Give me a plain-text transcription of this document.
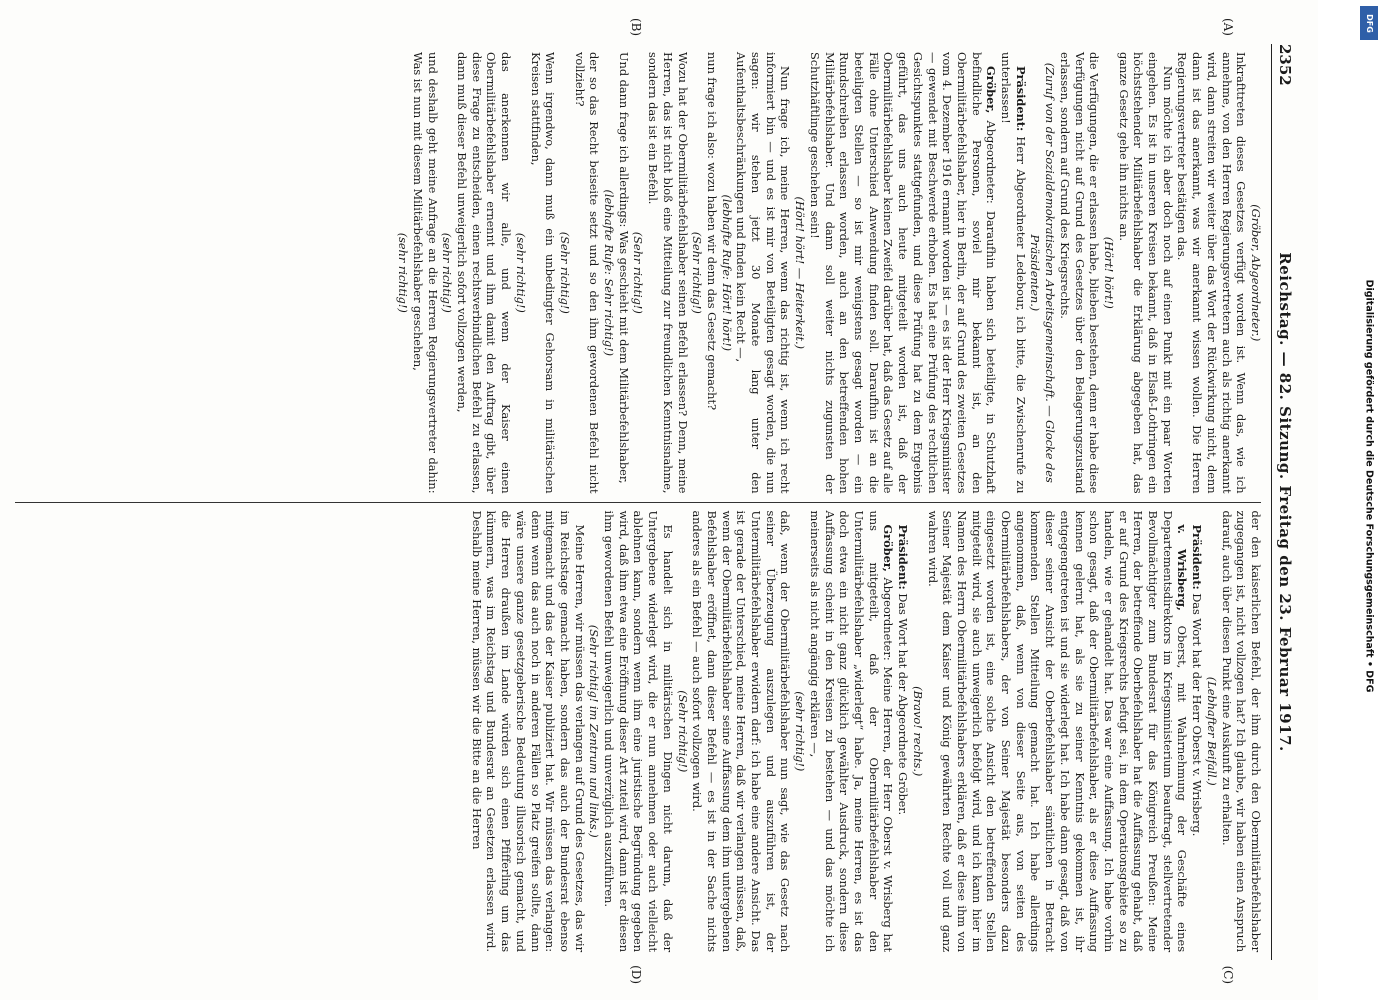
2352
Reichstag. — 82. Sitzung. Freitag den 23. Februar 1917.
(A)
(B)

(Gröber, Abgeordneter.)

Inkrafttreten dieses Gesetzes verfügt worden ist. Wenn das, wie ich annehme, von den Herren Regierungsvertretern auch als richtig anerkannt wird, dann streiten wir weiter über das Wort der Rückwirkung nicht, denn dann ist das anerkannt, was wir anerkannt wissen wollen. Die Herren Regierungsvertreter bestätigen das.

Nun möchte ich aber doch noch auf einen Punkt mit ein paar Worten eingehen. Es ist in unseren Kreisen bekannt, daß in Elsaß-Lothringen ein höchststehender Militärbefehlshaber die Erklärung abgegeben hat, das ganze Gesetz gehe ihn nichts an.

(Hört! hört!)

die Verfügungen, die er erlassen habe, blieben bestehen, denn er habe diese Verfügungen nicht auf Grund des Gesetzes über den Belagerungszustand erlassen, sondern auf Grund des Kriegsrechts.

(Zuruf von der Sozialdemokratischen Arbeitsgemeinschaft. — Glocke des Präsidenten.)

Präsident: Herr Abgeordneter Ledebour, ich bitte, die Zwischenrufe zu unterlassen!

Gröber, Abgeordneter: Daraufhin haben sich beteiligte, in Schutzhaft befindliche Personen, soviel mir bekannt ist, an den Obermilitärbefehlshaber, hier in Berlin, der auf Grund des zweiten Gesetzes vom 4. Dezember 1916 ernannt worden ist — es ist der Herr Kriegsminister — gewendet mit Beschwerde erhoben. Es hat eine Prüfung des rechtlichen Gesichtspunktes stattgefunden, und diese Prüfung hat zu dem Ergebnis geführt, das uns auch heute mitgeteilt worden ist, daß der Obermilitärbefehlshaber keinen Zweifel darüber hat, daß das Gesetz auf alle Fälle ohne Unterschied Anwendung finden soll. Daraufhin ist an die beteiligten Stellen — so ist mir wenigstens gesagt worden — ein Rundschreiben erlassen worden, auch an den betreffenden hohen Militärbefehlshaber. Und dann soll weiter nichts zugunsten der Schutzhäftlinge geschehen sein!

(Hört! hört! — Heiterkeit.)

Nun frage ich, meine Herren, wenn das richtig ist, wenn ich recht informiert bin — und es ist mir von Beteiligten gesagt worden, die nun sagen: wir stehen jetzt 30 Monate lang unter den Aufenthaltsbeschränkungen und finden kein Recht —,

(lebhafte Rufe: Hört! hört!)

nun frage ich also: wozu haben wir denn das Gesetz gemacht?

(Sehr richtig!)

Wozu hat der Obermilitärbefehlshaber seinen Befehl erlassen? Denn, meine Herren, das ist nicht bloß eine Mitteilung zur freundlichen Kenntnisnahme, sondern das ist ein Befehl.

(Sehr richtig!)

Und dann frage ich allerdings: Was geschieht mit dem Militärbefehlshaber,

(lebhafte Rufe: Sehr richtig!)

der so das Recht beiseite setzt und so den ihm gewordenen Befehl nicht vollzieht?

(Sehr richtig!)

Wenn irgendwo, dann muß ein unbedingter Gehorsam in militärischen Kreisen stattfinden,

(sehr richtig!)

das anerkennen wir alle, und wenn der Kaiser einen Obermilitärbefehlshaber ernennt und ihm damit den Auftrag gibt, über diese Frage zu entscheiden, einen rechtsverbindlichen Befehl zu erlassen, dann muß dieser Befehl unweigerlich sofort vollzogen werden,

(sehr richtig!)

und deshalb geht meine Anfrage an die Herren Regierungsvertreter dahin: Was ist nun mit diesem Militärbefehlshaber geschehen,

(sehr richtig!)

(C)
(D)

der den kaiserlichen Befehl, der ihm durch den Obermilitärbefehlshaber zugegangen ist, nicht vollzogen hat? Ich glaube, wir haben einen Anspruch darauf, auch über diesen Punkt eine Auskunft zu erhalten.

(Lebhafter Beifall.)

Präsident: Das Wort hat der Herr Oberst v. Wrisberg.

v. Wrisberg, Oberst, mit Wahrnehmung der Geschäfte eines Departementsdirektors im Kriegsministerium beauftragt, stellvertretender Bevollmächtigter zum Bundesrat für das Königreich Preußen: Meine Herren, der betreffende Oberbefehlshaber hat die Auffassung gehabt, daß er auf Grund des Kriegsrechts befugt sei, in dem Operationsgebiete so zu handeln, wie er gehandelt hat. Das war eine Auffassung. Ich habe vorhin schon gesagt, daß der Obermilitärbefehlshaber, als er diese Auffassung kennen gelernt hat, als sie zu seiner Kenntnis gekommen ist, ihr entgegengetreten ist und sie widerlegt hat. Ich habe dann gesagt, daß von dieser seiner Ansicht der Oberbefehlshaber sämtlichen in Betracht kommenden Stellen Mitteilung gemacht hat. Ich habe allerdings angenommen, daß, wenn von dieser Seite aus, von seiten des Obermilitärbefehlshabers, der von Seiner Majestät besonders dazu eingesetzt worden ist, eine solche Ansicht den betreffenden Stellen mitgeteilt wird, sie auch unweigerlich befolgt wird, und ich kann hier im Namen des Herrn Obermilitärbefehlshabers erklären, daß er diese ihm von Seiner Majestät dem Kaiser und König gewährten Rechte voll und ganz wahren wird.

(Bravo! rechts.)

Präsident: Das Wort hat der Abgeordnete Gröber.

Gröber, Abgeordneter: Meine Herren, der Herr Oberst v. Wrisberg hat uns mitgeteilt, daß der Obermilitärbefehlshaber den Untermilitärbefehlshaber „widerlegt“ habe. Ja, meine Herren, es ist das doch etwa ein nicht ganz glücklich gewählter Ausdruck, sondern diese Auffassung scheint in den Kreisen zu bestehen — und das möchte ich meinerseits als nicht angängig erklären —,

(sehr richtig!)

daß, wenn der Obermilitärbefehlshaber nun sagt, wie das Gesetz nach seiner Überzeugung auszulegen und auszuführen ist, der Untermilitärbefehlshaber erwidern darf: ich habe eine andere Ansicht. Das ist gerade der Unterschied, meine Herren, daß wir verlangen müssen, daß, wenn der Obermilitärbefehlshaber seine Auffassung dem ihm untergebenen Befehlshaber eröffnet, dann dieser Befehl — es ist in der Sache nichts anderes als ein Befehl — auch sofort vollzogen wird.

(Sehr richtig!)

Es handelt sich in militärischen Dingen nicht darum, daß der Untergebene widerlegt wird, die er nun annehmen oder auch vielleicht ablehnen kann, sondern wenn ihm eine juristische Begründung gegeben wird, daß ihm etwa eine Eröffnung dieser Art zuteil wird, dann ist er diesen ihm gewordenen Befehl unweigerlich und unverzüglich auszuführen.

(Sehr richtig! im Zentrum und links.)

Meine Herren, wir müssen das verlangen auf Grund des Gesetzes, das wir im Reichstage gemacht haben, sondern das auch der Bundesrat ebenso mitgemacht und das der Kaiser publiziert hat. Wir müssen das verlangen: denn wenn das auch noch in anderen Fällen so Platz greifen sollte, dann wäre unsere ganze gesetzgeberische Bedeutung illusorisch gemacht, und die Herren draußen im Lande würden sich einen Pfifferling um das kümmern, was im Reichstag und Bundesrat an Gesetzen erlassen wird. Deshalb meine Herren, müssen wir die Bitte an die Herren

DFG
Digitalisierung gefördert durch die Deutsche Forschungsgemeinschaft • DFG
